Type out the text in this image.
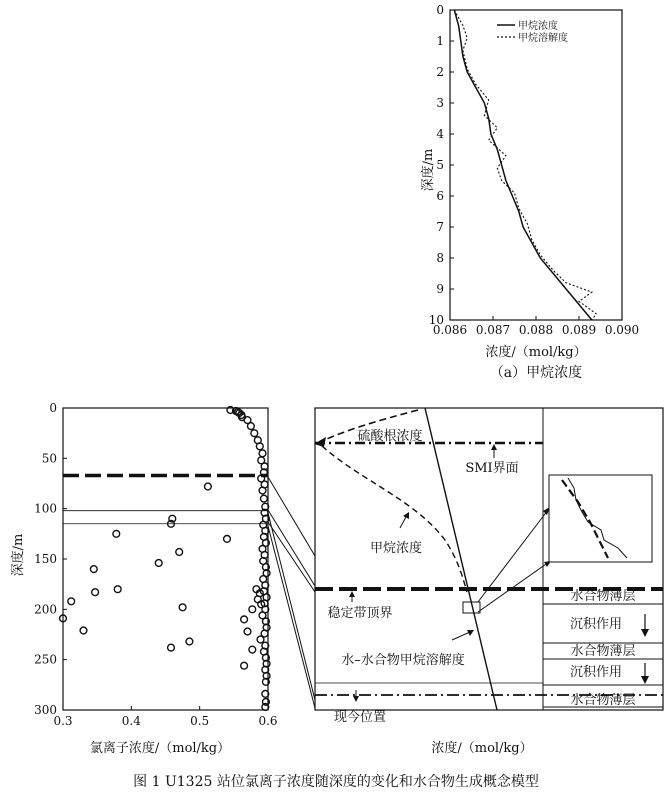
0.086 0.087 0.088 0.089 0.090
0
1
2
3
4
5
6
7
8
9
10
甲烷浓度
甲烷溶解度
深度/m
浓度/（mol/kg）
（a）甲烷浓度
0.3	0.4	0.5	0.6
0
50
100
150
200
250
300
深度/m
氯离子浓度/（mol/kg）
水合物薄层
沉积作用
水合物薄层
沉积作用
水合物薄层
硫酸根浓度
SMI界面
甲烷浓度
稳定带顶界
水–水合物甲烷溶解度
现今位置
浓度/（mol/kg）
图 1 U1325 站位氯离子浓度随深度的变化和水合物生成概念模型
